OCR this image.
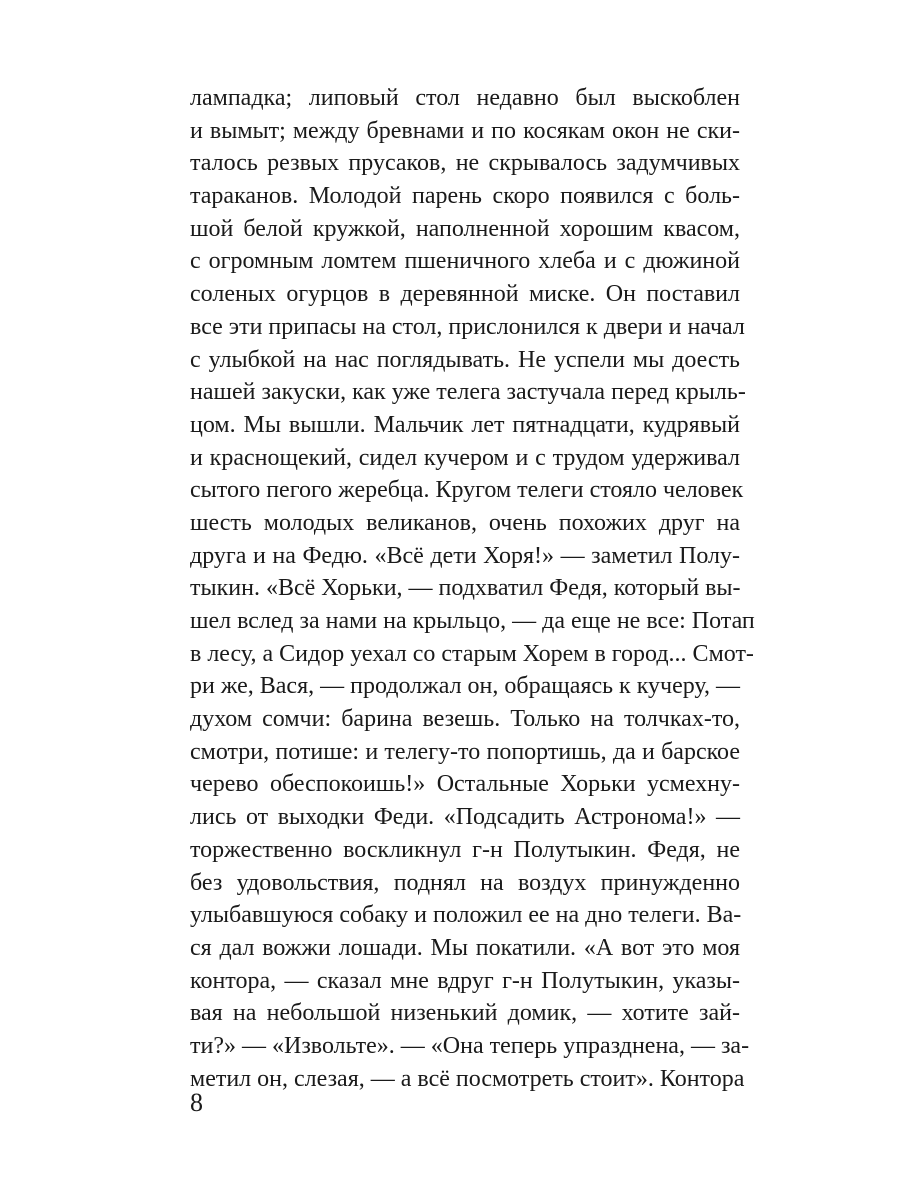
лампадка; липовый стол недавно был выскоблен
и вымыт; между бревнами и по косякам окон не ски-
талось резвых прусаков, не скрывалось задумчивых
тараканов. Молодой парень скоро появился с боль-
шой белой кружкой, наполненной хорошим квасом,
с огромным ломтем пшеничного хлеба и с дюжиной
соленых огурцов в деревянной миске. Он поставил
все эти припасы на стол, прислонился к двери и начал
с улыбкой на нас поглядывать. Не успели мы доесть
нашей закуски, как уже телега застучала перед крыль-
цом. Мы вышли. Мальчик лет пятнадцати, кудрявый
и краснощекий, сидел кучером и с трудом удерживал
сытого пегого жеребца. Кругом телеги стояло человек
шесть молодых великанов, очень похожих друг на
друга и на Федю. «Всё дети Хоря!» — заметил Полу-
тыкин. «Всё Хорьки, — подхватил Федя, который вы-
шел вслед за нами на крыльцо, — да еще не все: Потап
в лесу, а Сидор уехал со старым Хорем в город... Смот-
ри же, Вася, — продолжал он, обращаясь к кучеру, —
духом сомчи: барина везешь. Только на толчках-то,
смотри, потише: и телегу-то попортишь, да и барское
черево обеспокоишь!» Остальные Хорьки усмехну-
лись от выходки Феди. «Подсадить Астронома!» —
торжественно воскликнул г-н Полутыкин. Федя, не
без удовольствия, поднял на воздух принужденно
улыбавшуюся собаку и положил ее на дно телеги. Ва-
ся дал вожжи лошади. Мы покатили. «А вот это моя
контора, — сказал мне вдруг г-н Полутыкин, указы-
вая на небольшой низенький домик, — хотите зай-
ти?» — «Извольте». — «Она теперь упразднена, — за-
метил он, слезая, — а всё посмотреть стоит». Контора
8
